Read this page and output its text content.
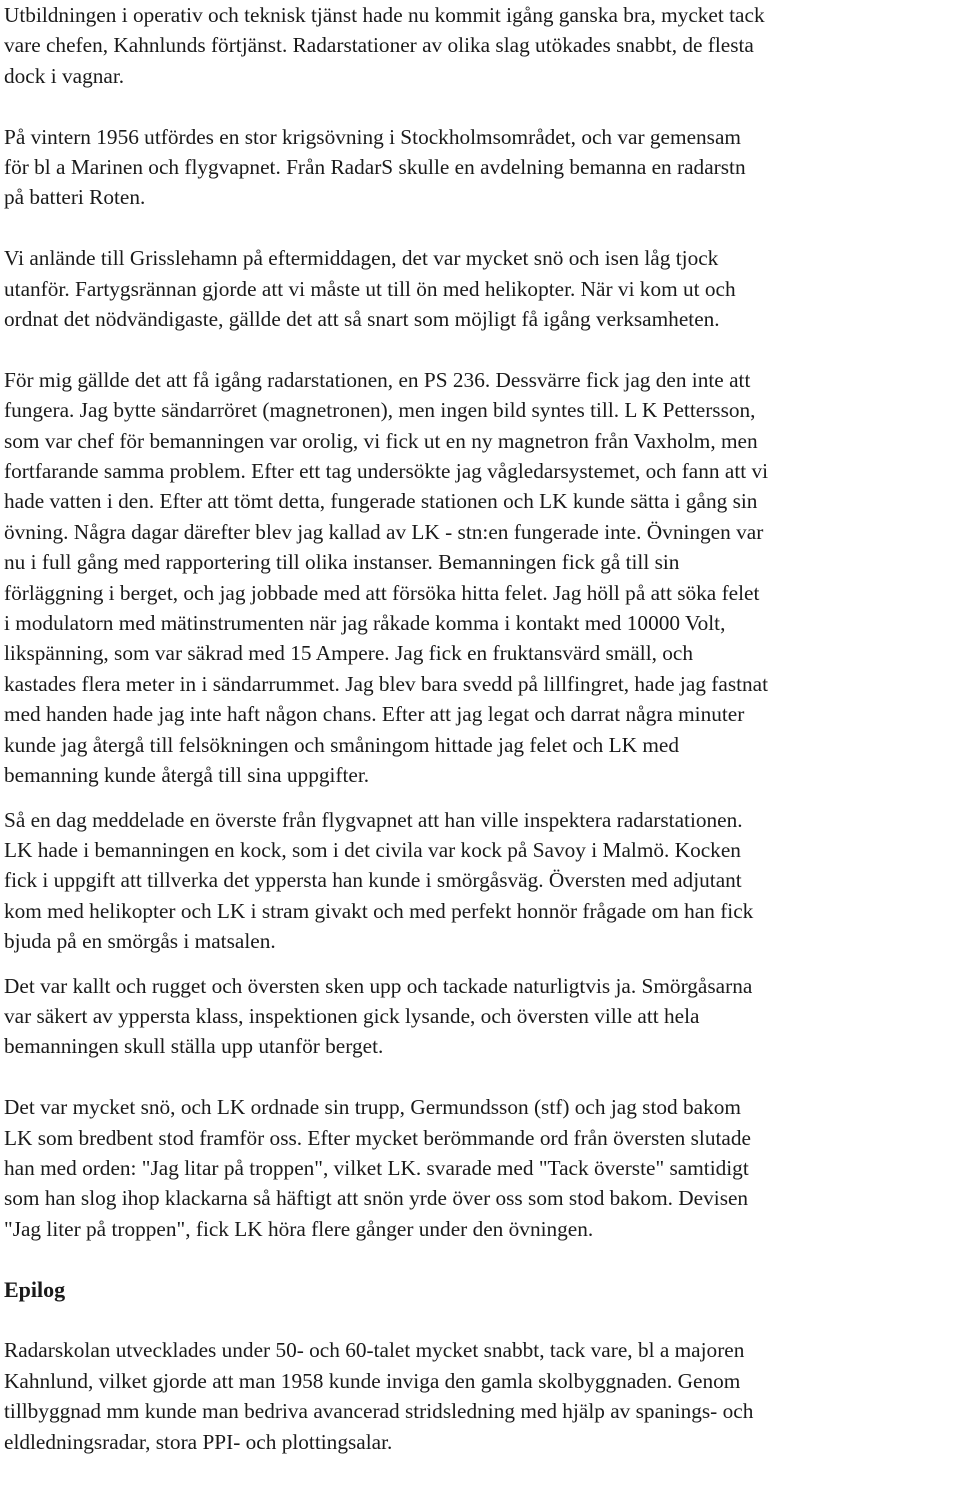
Utbildningen i operativ och teknisk tjänst hade nu kommit igång ganska bra, mycket tack
vare chefen, Kahnlunds förtjänst. Radarstationer av olika slag utökades snabbt, de flesta
dock i vagnar.

På vintern 1956 utfördes en stor krigsövning i Stockholmsområdet, och var gemensam
för bl a Marinen och flygvapnet. Från RadarS skulle en avdelning bemanna en radarstn
på batteri Roten.

Vi anlände till Grisslehamn på eftermiddagen, det var mycket snö och isen låg tjock
utanför. Fartygsrännan gjorde att vi måste ut till ön med helikopter. När vi kom ut och
ordnat det nödvändigaste, gällde det att så snart som möjligt få igång verksamheten.

För mig gällde det att få igång radarstationen, en PS 236. Dessvärre fick jag den inte att
fungera. Jag bytte sändarröret (magnetronen), men ingen bild syntes till. L K Pettersson,
som var chef för bemanningen var orolig, vi fick ut en ny magnetron från Vaxholm, men
fortfarande samma problem. Efter ett tag undersökte jag vågledarsystemet, och fann att vi
hade vatten i den. Efter att tömt detta, fungerade stationen och LK kunde sätta i gång sin
övning. Några dagar därefter blev jag kallad av LK - stn:en fungerade inte. Övningen var
nu i full gång med rapportering till olika instanser. Bemanningen fick gå till sin
förläggning i berget, och jag jobbade med att försöka hitta felet. Jag höll på att söka felet
i modulatorn med mätinstrumenten när jag råkade komma i kontakt med 10000 Volt,
likspänning, som var säkrad med 15 Ampere. Jag fick en fruktansvärd smäll, och
kastades flera meter in i sändarrummet. Jag blev bara svedd på lillfingret, hade jag fastnat
med handen hade jag inte haft någon chans. Efter att jag legat och darrat några minuter
kunde jag återgå till felsökningen och småningom hittade jag felet och LK med
bemanning kunde återgå till sina uppgifter.

Så en dag meddelade en överste från flygvapnet att han ville inspektera radarstationen.
LK hade i bemanningen en kock, som i det civila var kock på Savoy i Malmö. Kocken
fick i uppgift att tillverka det yppersta han kunde i smörgåsväg. Översten med adjutant
kom med helikopter och LK i stram givakt och med perfekt honnör frågade om han fick
bjuda på en smörgås i matsalen.

Det var kallt och rugget och översten sken upp och tackade naturligtvis ja. Smörgåsarna
var säkert av yppersta klass, inspektionen gick lysande, och översten ville att hela
bemanningen skull ställa upp utanför berget.

Det var mycket snö, och LK ordnade sin trupp, Germundsson (stf) och jag stod bakom
LK som bredbent stod framför oss. Efter mycket berömmande ord från översten slutade
han med orden: "Jag litar på troppen", vilket LK. svarade med "Tack överste" samtidigt
som han slog ihop klackarna så häftigt att snön yrde över oss som stod bakom. Devisen
"Jag liter på troppen", fick LK höra flere gånger under den övningen.

Epilog

Radarskolan utvecklades under 50- och 60-talet mycket snabbt, tack vare, bl a majoren
Kahnlund, vilket gjorde att man 1958 kunde inviga den gamla skolbyggnaden. Genom
tillbyggnad mm kunde man bedriva avancerad stridsledning med hjälp av spanings- och
eldledningsradar, stora PPI- och plottingsalar.
